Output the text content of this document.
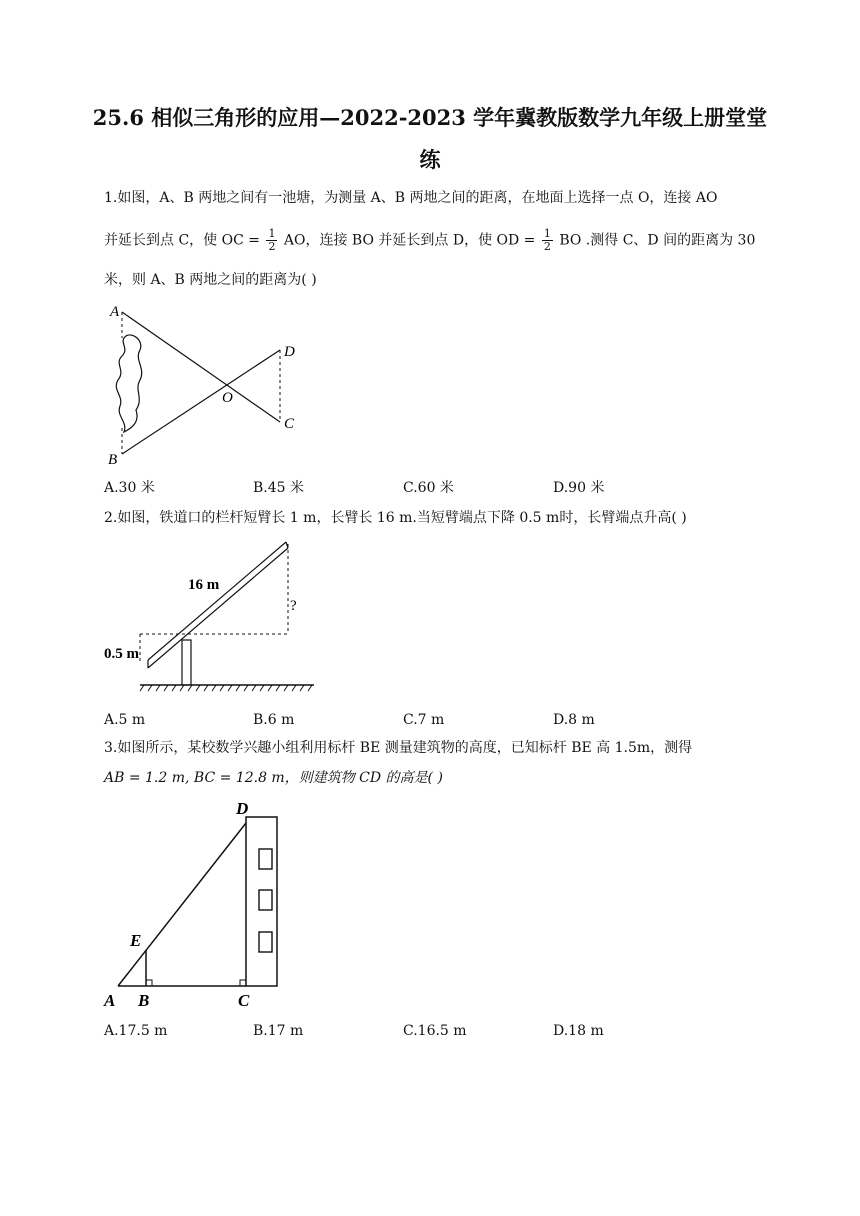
25.6 相似三角形的应用—2022-2023 学年冀教版数学九年级上册堂堂
练
1.如图，A、B 两地之间有一池塘，为测量 A、B 两地之间的距离，在地面上选择一点 O，连接 AO
并延长到点 C，使 OC = $\frac{1}{2}$ AO，连接 BO 并延长到点 D，使 OD = $\frac{1}{2}$ BO .测得 C、D 间的距离为 30
米，则 A、B 两地之间的距离为( )
A
B
D
C
O
A.30 米	B.45 米	C.60 米	D.90 米
2.如图，铁道口的栏杆短臂长 1 m，长臂长 16 m.当短臂端点下降 0.5 m时，长臂端点升高( )
16 m
0.5 m
?
A.5 m	B.6 m	C.7 m	D.8 m
3.如图所示，某校数学兴趣小组利用标杆 BE 测量建筑物的高度，已知标杆 BE 高 1.5m，测得
AB = 1.2 m, BC = 12.8 m，则建筑物 CD 的高是( )
D
E
A B	C
A.17.5 m	B.17 m	C.16.5 m	D.18 m
